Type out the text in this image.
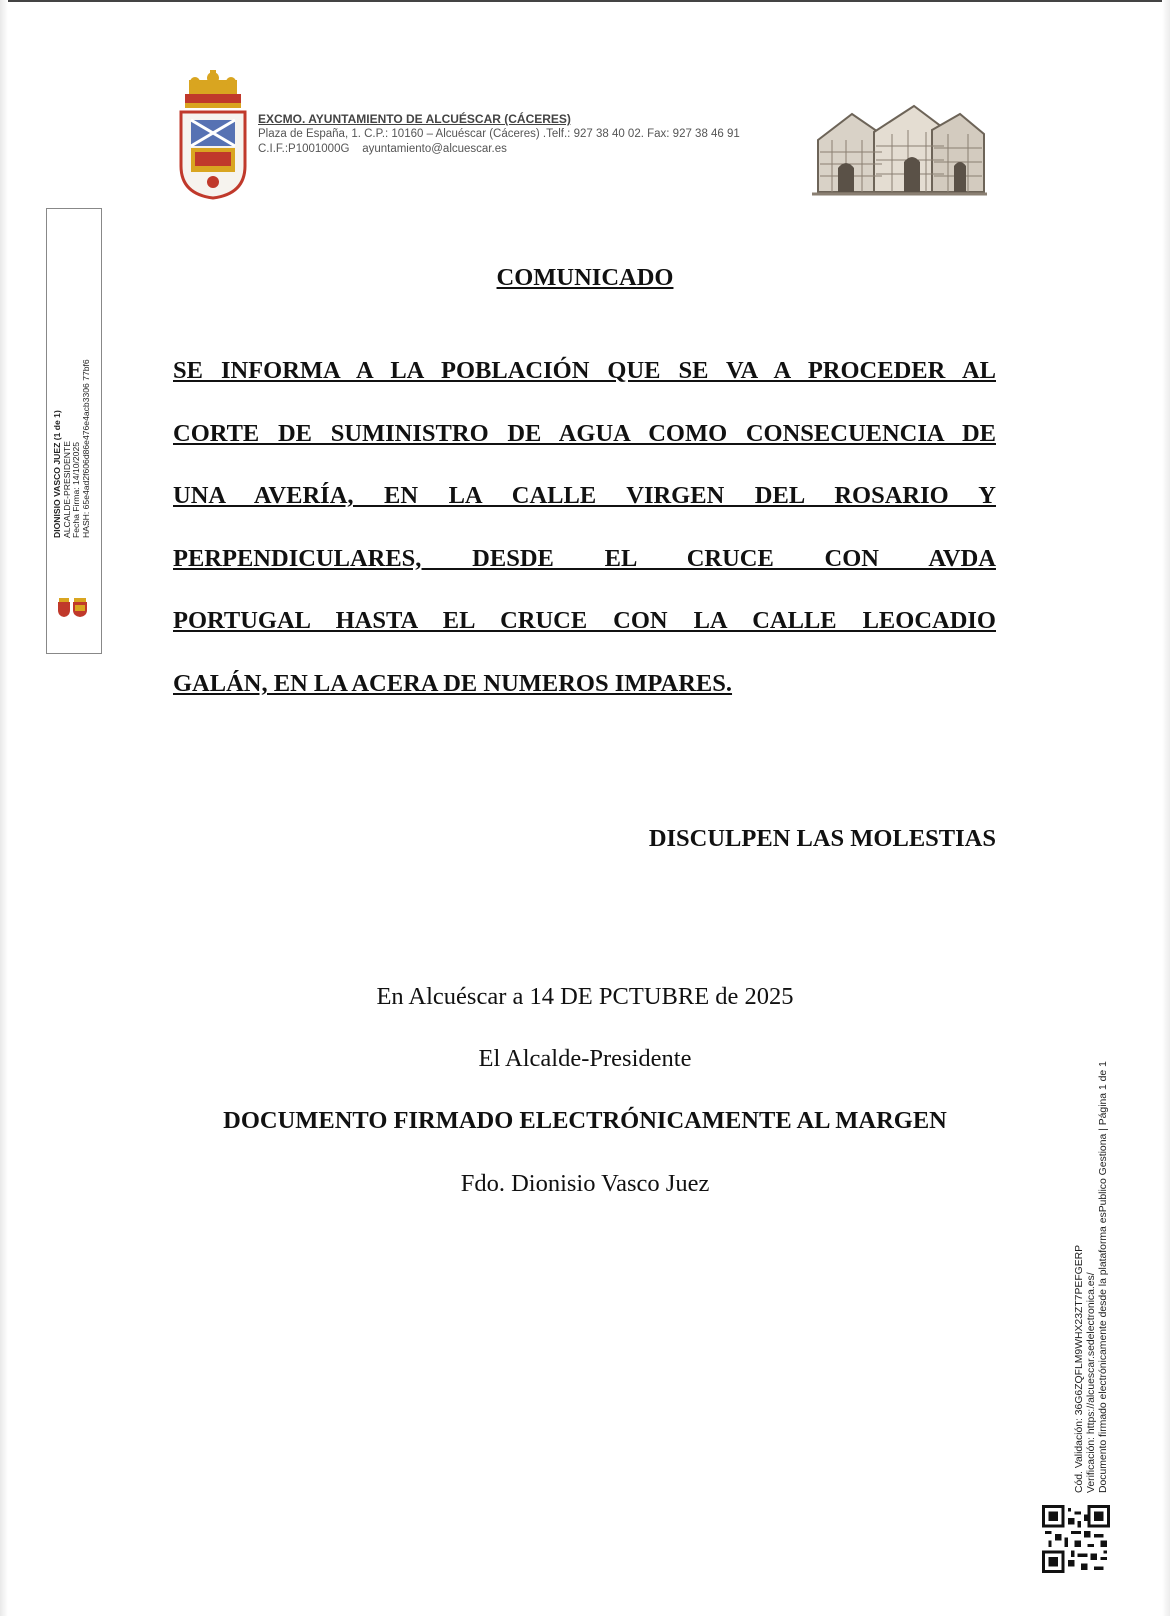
EXCMO. AYUNTAMIENTO DE ALCUÉSCAR (CÁCERES)
Plaza de España, 1. C.P.: 10160 – Alcuéscar (Cáceres) .Telf.: 927 38 40 02. Fax: 927 38 46 91
C.I.F.:P1001000G ayuntamiento@alcuescar.es
DIONISIO VASCO JUEZ (1 de 1) ALCALDE-PRESIDENTE Fecha Firma: 14/10/2025 HASH: 65e4ad2f606d86e476e4acb3306 77bf6
COMUNICADO
SE INFORMA A LA POBLACIÓN QUE SE VA A PROCEDER AL
CORTE DE SUMINISTRO DE AGUA COMO CONSECUENCIA DE
UNA AVERÍA, EN LA CALLE VIRGEN DEL ROSARIO Y
PERPENDICULARES, DESDE EL CRUCE CON AVDA
PORTUGAL HASTA EL CRUCE CON LA CALLE LEOCADIO
GALÁN, EN LA ACERA DE NUMEROS IMPARES.
DISCULPEN LAS MOLESTIAS
En Alcuéscar a 14 DE PCTUBRE de 2025
El Alcalde-Presidente
DOCUMENTO FIRMADO ELECTRÓNICAMENTE AL MARGEN
Fdo. Dionisio Vasco Juez
Cód. Validación: 36G6ZQFLM9WHX23ZT7PEFGERP Verificación: https://alcuescar.sedelectronica.es/ Documento firmado electrónicamente desde la plataforma esPublico Gestiona | Página 1 de 1
